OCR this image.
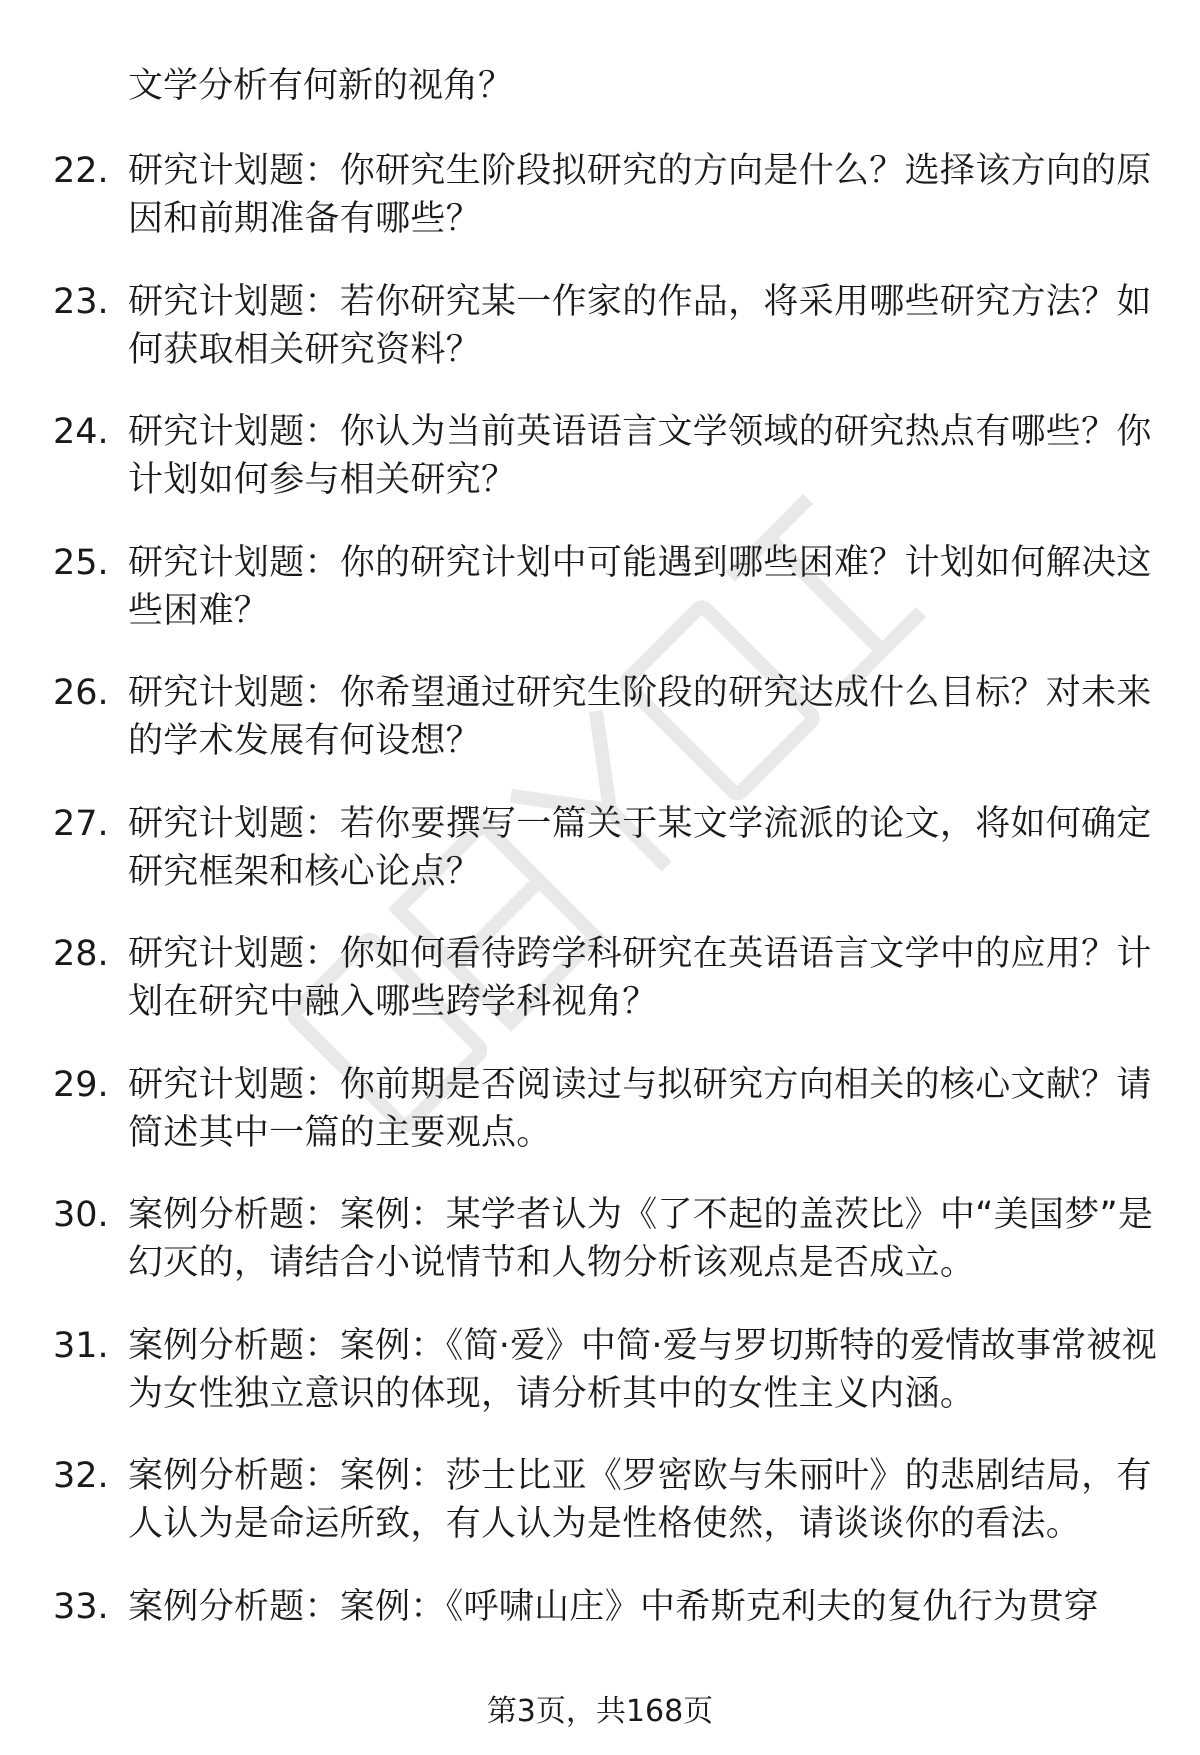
文学分析有何新的视角？
22. 研究计划题：你研究生阶段拟研究的方向是什么？选择该方向的原因和前期准备有哪些？
23. 研究计划题：若你研究某一作家的作品，将采用哪些研究方法？如何获取相关研究资料？
24. 研究计划题：你认为当前英语语言文学领域的研究热点有哪些？你计划如何参与相关研究？
25. 研究计划题：你的研究计划中可能遇到哪些困难？计划如何解决这些困难？
26. 研究计划题：你希望通过研究生阶段的研究达成什么目标？对未来的学术发展有何设想？
27. 研究计划题：若你要撰写一篇关于某文学流派的论文，将如何确定研究框架和核心论点？
28. 研究计划题：你如何看待跨学科研究在英语语言文学中的应用？计划在研究中融入哪些跨学科视角？
29. 研究计划题：你前期是否阅读过与拟研究方向相关的核心文献？请简述其中一篇的主要观点。
30. 案例分析题：案例：某学者认为《了不起的盖茨比》中“美国梦”是幻灭的，请结合小说情节和人物分析该观点是否成立。
31. 案例分析题：案例：《简·爱》中简·爱与罗切斯特的爱情故事常被视为女性独立意识的体现，请分析其中的女性主义内涵。
32. 案例分析题：案例：莎士比亚《罗密欧与朱丽叶》的悲剧结局，有人认为是命运所致，有人认为是性格使然，请谈谈你的看法。
33. 案例分析题：案例：《呼啸山庄》中希斯克利夫的复仇行为贯穿
第3页，共168页
